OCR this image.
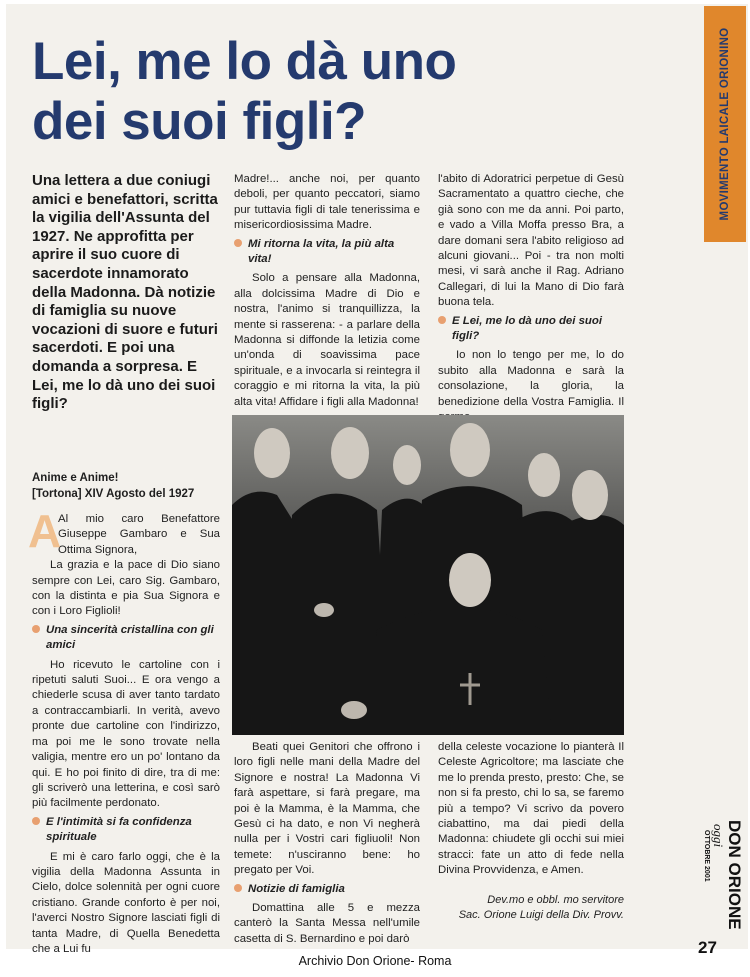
Lei, me lo dà uno
dei suoi figli?	MOVIMENTO LAICALE ORIONINO
DON ORIONE
oggi
OTTOBRE 2001
27
Una lettera a due coniugi amici e benefattori, scritta la vigilia dell'Assunta del 1927. Ne approfitta per aprire il suo cuore di sacerdote innamorato della Madonna. Dà notizie di famiglia su nuove vocazioni di suore e futuri sacerdoti. E poi una domanda a sorpresa. E Lei, me lo dà uno dei suoi figli?
Anime e Anime!
[Tortona] XIV Agosto del 1927
A

Al mio caro Benefattore Giuseppe Gambaro e Sua Ottima Signora,

La grazia e la pace di Dio siano sempre con Lei, caro Sig. Gambaro, con la distinta e pia Sua Signora e con i Loro Figlioli!

Una sincerità cristallina con gli amici

Ho ricevuto le cartoline con i ripetuti saluti Suoi... E ora vengo a chiederle scusa di aver tanto tardato a contraccambiarli. In verità, avevo pronte due cartoline con l'indirizzo, ma poi me le sono trovate nella valigia, mentre ero un po' lontano da qui. E ho poi finito di dire, tra di me: gli scriverò una letterina, e così sarò più facilmente perdonato.

E l'intimità si fa confidenza spirituale

E mi è caro farlo oggi, che è la vigilia della Madonna Assunta in Cielo, dolce solennità per ogni cuore cristiano. Grande conforto è per noi, l'averci Nostro Signore lasciati figli di tanta Madre, di Quella Benedetta che a Lui fu

Madre!... anche noi, per quanto deboli, per quanto peccatori, siamo pur tuttavia figli di tale tenerissima e misericordiosissima Madre.

Mi ritorna la vita, la più alta vita!

Solo a pensare alla Madonna, alla dolcissima Madre di Dio e nostra, l'animo si tranquillizza, la mente si rasserena: - a parlare della Madonna si diffonde la letizia come un'onda di soavissima pace spirituale, e a invocarla si reintegra il coraggio e mi ritorna la vita, la più alta vita! Affidare i figli alla Madonna!

l'abito di Adoratrici perpetue di Gesù Sacramentato a quattro cieche, che già sono con me da anni. Poi parto, e vado a Villa Moffa presso Bra, a dare domani sera l'abito religioso ad alcuni giovani... Poi - tra non molti mesi, vi sarà anche il Rag. Adriano Callegari, di lui la Mano di Dio farà buona tela.

E Lei, me lo dà uno dei suoi figli?

Io non lo tengo per me, lo do subito alla Madonna e sarà la consolazione, la gloria, la benedizione della Vostra Famiglia. Il

Beati quei Genitori che offrono i loro figli nelle mani della Madre del Signore e nostra! La Madonna Vi farà aspettare, si farà pregare, ma poi è la Mamma, è la Mamma, che Gesù ci ha dato, e non Vi negherà nulla per i Vostri cari figliuoli! Non temete: n'usciranno bene: ho pregato per Voi.

Notizie di famiglia

Domattina alle 5 e mezza canterò la Santa Messa nell'umile casetta di S. Bernardino e poi darò

della celeste vocazione lo pianterà Il Celeste Agricoltore; ma lasciate che me lo prenda presto, presto: Che, se non si fa presto, chi lo sa, se faremo più a tempo? Vi scrivo da povero ciabattino, ma dai piedi della Madonna: chiudete gli occhi sui miei stracci: fate un atto di fede nella Divina Provvidenza, e Amen.

Dev.mo e obbl. mo servitore
Sac. Orione Luigi della Div. Provv.
Archivio Don Orione- Roma
